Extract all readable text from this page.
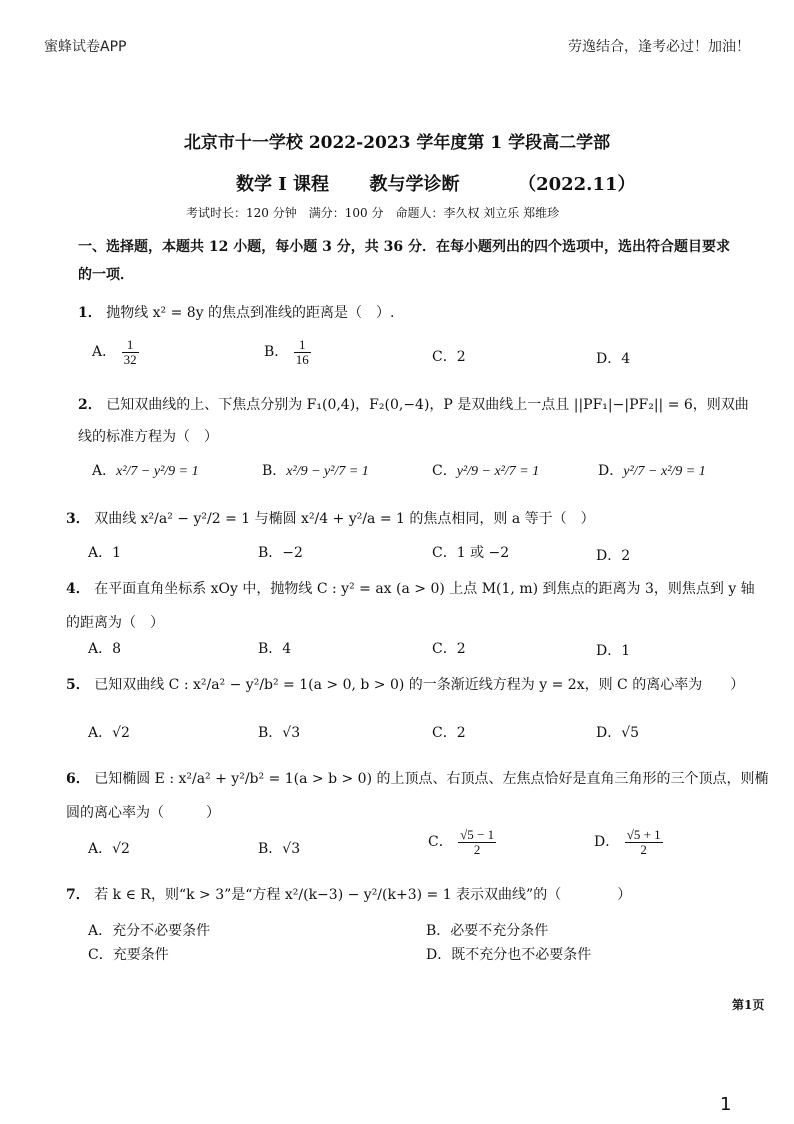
蜜蜂试卷APP	劳逸结合，逢考必过！加油！
北京市十一学校 2022-2023 学年度第 1 学段高二学部
数学 I 课程 教与学诊断	（2022.11）
考试时长：120 分钟　满分：100 分　命题人：李久权 刘立乐 郑维珍
一、选择题，本题共 12 小题，每小题 3 分，共 36 分．在每小题列出的四个选项中，选出符合题目要求
的一项．
1． 抛物线 x² = 8y 的焦点到准线的距离是（　）.
A． $\frac{1}{32}$	B． $\frac{1}{16}$	C．2	D．4
2． 已知双曲线的上、下焦点分别为 F₁(0,4)，F₂(0,−4)，P 是双曲线上一点且 ||PF₁|−|PF₂|| = 6，则双曲
线的标准方程为（　）
A．x²/7 − y²/9 = 1	B．x²/9 − y²/7 = 1	C．y²/9 − x²/7 = 1	D．y²/7 − x²/9 = 1
3． 双曲线 x²/a² − y²/2 = 1 与椭圆 x²/4 + y²/a = 1 的焦点相同，则 a 等于（　）
A．1	B．−2	C．1 或 −2	D．2
4． 在平面直角坐标系 xOy 中，抛物线 C : y² = ax (a > 0) 上点 M(1, m) 到焦点的距离为 3，则焦点到 y 轴
的距离为（　）
A．8	B．4	C．2	D．1
5． 已知双曲线 C : x²/a² − y²/b² = 1(a > 0, b > 0) 的一条渐近线方程为 y = 2x，则 C 的离心率为　　）
A．√2	B．√3	C．2	D．√5
6． 已知椭圆 E : x²/a² + y²/b² = 1(a > b > 0) 的上顶点、右顶点、左焦点恰好是直角三角形的三个顶点，则椭
圆的离心率为（　　　）
A．√2	B．√3	C． $\frac{√5 - 1}{2}$	D． $\frac{√5 + 1}{2}$
7． 若 k ∈ R，则“k > 3”是“方程 x²/(k−3) − y²/(k+3) = 1 表示双曲线”的（　　　　）
A．充分不必要条件	B．必要不充分条件
C．充要条件	D．既不充分也不必要条件
第1页
1
